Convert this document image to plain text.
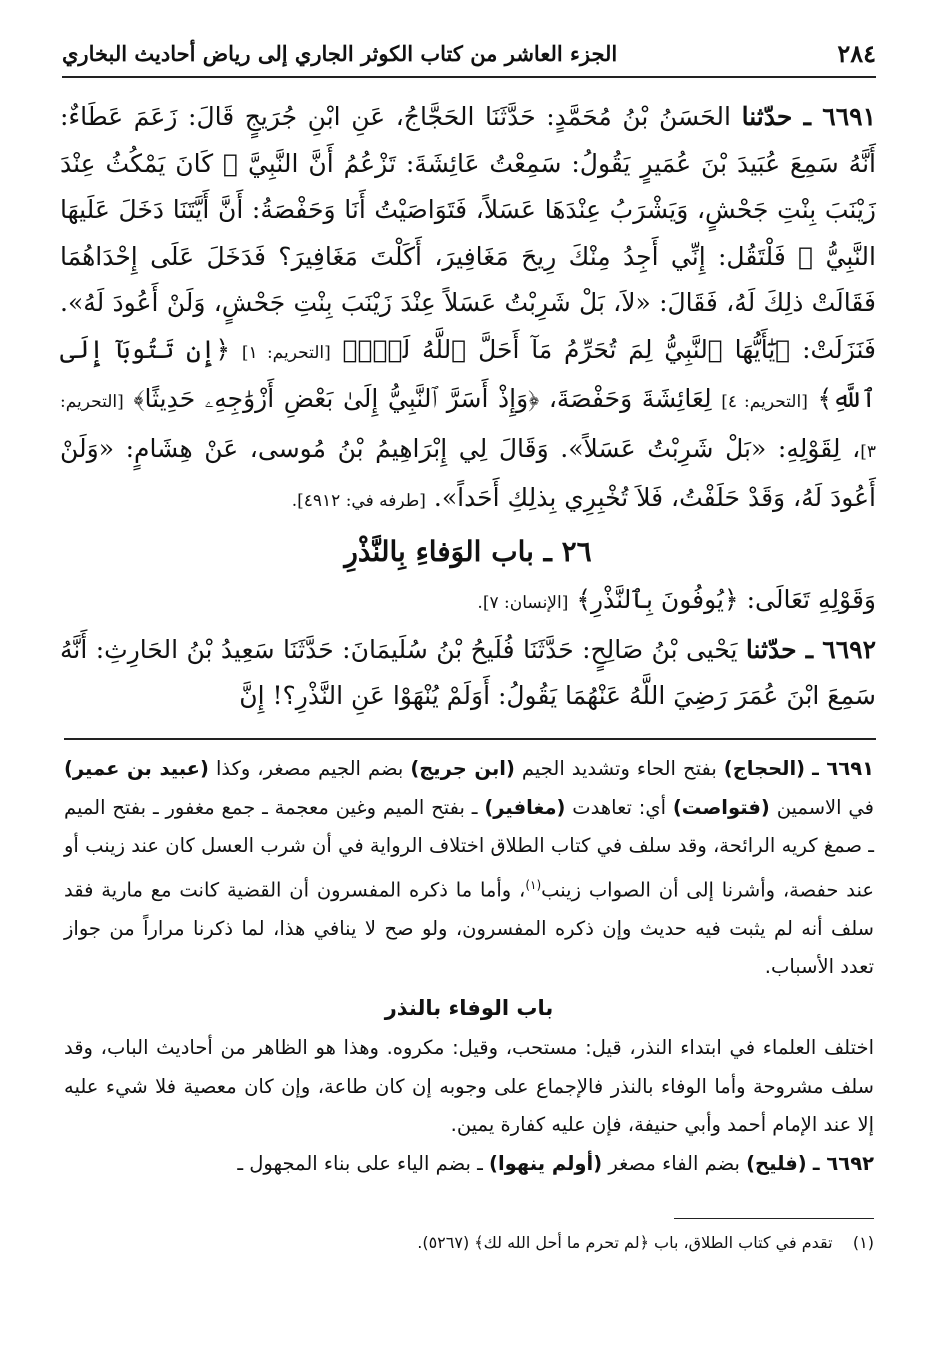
٢٨٤
الجزء العاشر من كتاب الكوثر الجاري إلى رياض أحاديث البخاري

٦٦٩١ ـ حدّثنا الحَسَنُ بْنُ مُحَمَّدٍ: حَدَّثَنَا الحَجَّاجُ، عَنِ ابْنِ جُرَيجٍ قَالَ: زَعَمَ عَطَاءٌ: أَنَّهُ سَمِعَ عُبَيدَ بْنَ عُمَيرٍ يَقُولُ: سَمِعْتُ عَائِشَةَ: تَزْعُمُ أَنَّ النَّبِيَّ ﷺ كَانَ يَمْكُثُ عِنْدَ زَيْنَبَ بِنْتِ جَحْشٍ، وَيَشْرَبُ عِنْدَهَا عَسَلاً، فَتَوَاصَيْتُ أَنَا وَحَفْصَةُ: أَنَّ أَيَّتَنَا دَخَلَ عَلَيهَا النَّبِيُّ ﷺ فَلْتَقُل: إِنِّي أَجِدُ مِنْكَ رِيحَ مَغَافِيرَ، أَكَلْتَ مَغَافِيرَ؟ فَدَخَلَ عَلَى إِحْدَاهُمَا فَقَالَتْ ذلِكَ لَهُ، فَقَالَ: «لاَ، بَلْ شَرِبْتُ عَسَلاً عِنْدَ زَيْنَبَ بِنْتِ جَحْشٍ، وَلَنْ أَعُودَ لَهُ». فَنَزَلَتْ: ﴿يَٰٓأَيُّهَا ٱلنَّبِيُّ لِمَ تُحَرِّمُ مَآ أَحَلَّ ٱللَّهُ لَكَۖ﴾ [التحريم: ١] ﴿إِن تَتُوبَآ إِلَى ٱللَّهِ﴾ [التحريم: ٤] لِعَائِشَةَ وَحَفْصَةَ، ﴿وَإِذْ أَسَرَّ ٱلنَّبِيُّ إِلَىٰ بَعْضِ أَزْوَٰجِهِۦ حَدِيثًا﴾ [التحريم: ٣]، لِقَوْلِهِ: «بَلْ شَرِبْتُ عَسَلاً». وَقَالَ لِي إِبْرَاهِيمُ بْنُ مُوسى، عَنْ هِشَامٍ: «وَلَنْ أَعُودَ لَهُ، وَقَدْ حَلَفْتُ، فَلاَ تُخْبِرِي بِذلِكِ أَحَداً». [طرفه في: ٤٩١٢].

٢٦ ـ باب الوَفاءِ بِالنَّذْرِ

وَقَوْلِهِ تَعَالَى: ﴿يُوفُونَ بِٱلنَّذْرِ﴾ [الإنسان: ٧].

٦٦٩٢ ـ حدّثنا يَحْيى بْنُ صَالِحٍ: حَدَّثَنَا فُلَيحُ بْنُ سُلَيمَانَ: حَدَّثَنَا سَعِيدُ بْنُ الحَارِثِ: أَنَّهُ سَمِعَ ابْنَ عُمَرَ رَضِيَ اللَّهُ عَنْهُمَا يَقُولُ: أَوَلَمْ يُنْهَوْا عَنِ النَّذْرِ؟! إِنَّ

٦٦٩١ ـ (الحجاج) بفتح الحاء وتشديد الجيم (ابن جريج) بضم الجيم مصغر، وكذا (عبيد بن عمير) في الاسمين (فتواصت) أي: تعاهدت (مغافير) ـ بفتح الميم وغين معجمة ـ جمع مغفور ـ بفتح الميم ـ صمغ كريه الرائحة، وقد سلف في كتاب الطلاق اختلاف الرواية في أن شرب العسل كان عند زينب أو عند حفصة، وأشرنا إلى أن الصواب زينب$^{(١)}$، وأما ما ذكره المفسرون أن القضية كانت مع مارية فقد سلف أنه لم يثبت فيه حديث وإن ذكره المفسرون، ولو صح لا ينافي هذا، لما ذكرنا مراراً من جواز تعدد الأسباب.

باب الوفاء بالنذر

اختلف العلماء في ابتداء النذر، قيل: مستحب، وقيل: مكروه. وهذا هو الظاهر من أحاديث الباب، وقد سلف مشروحة وأما الوفاء بالنذر فالإجماع على وجوبه إن كان طاعة، وإن كان معصية فلا شيء عليه إلا عند الإمام أحمد وأبي حنيفة، فإن عليه كفارة يمين.

٦٦٩٢ ـ (فليح) بضم الفاء مصغر (أولم ينهوا) ـ بضم الياء على بناء المجهول ـ

(١)    تقدم في كتاب الطلاق، باب ﴿لم تحرم ما أحل الله لك﴾ (٥٢٦٧).
